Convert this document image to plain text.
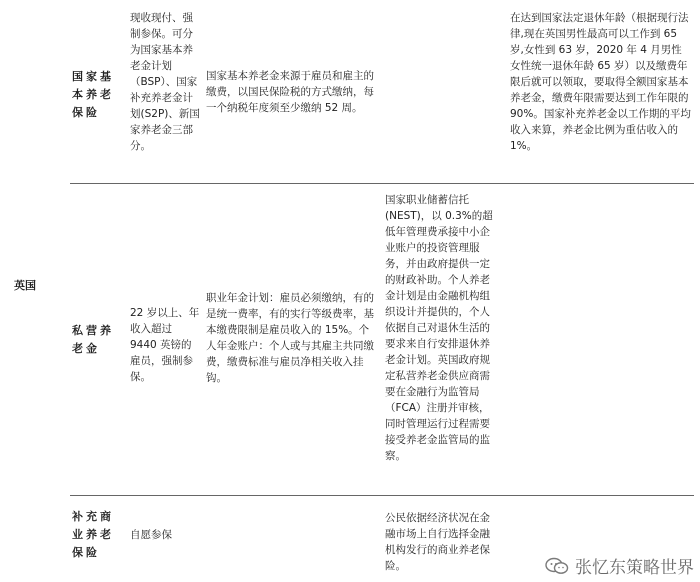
英国
国家基本养老保险
现收现付、强制参保。可分为国家基本养老金计划（BSP）、国家补充养老金计划(S2P)、新国家养老金三部分。
国家基本养老金来源于雇员和雇主的缴费，以国民保险税的方式缴纳，每一个纳税年度须至少缴纳 52 周。
在达到国家法定退休年龄（根据现行法律,现在英国男性最高可以工作到 65 岁,女性到 63 岁，2020 年 4 月男性女性统一退休年龄 65 岁）以及缴费年限后就可以领取，要取得全额国家基本养老金，缴费年限需要达到工作年限的 90%。国家补充养老金以工作期的平均收入来算，养老金比例为重估收入的 1%。
私营养老金
22 岁以上、年收入超过 9440 英镑的雇员，强制参保。
职业年金计划：雇员必须缴纳，有的是统一费率，有的实行等级费率，基本缴费限制是雇员收入的 15%。个人年金账户：个人或与其雇主共同缴费，缴费标准与雇员净相关收入挂钩。
国家职业储蓄信托(NEST)，以 0.3%的超低年管理费承接中小企业账户的投资管理服务，并由政府提供一定的财政补助。个人养老金计划是由金融机构组织设计并提供的，个人依据自己对退休生活的要求来自行安排退休养老金计划。英国政府规定私营养老金供应商需要在金融行为监管局（FCA）注册并审核，同时管理运行过程需要接受养老金监管局的监察。
补充商业养老保险
自愿参保
公民依据经济状况在金融市场上自行选择金融机构发行的商业养老保险。	张忆东策略世界
